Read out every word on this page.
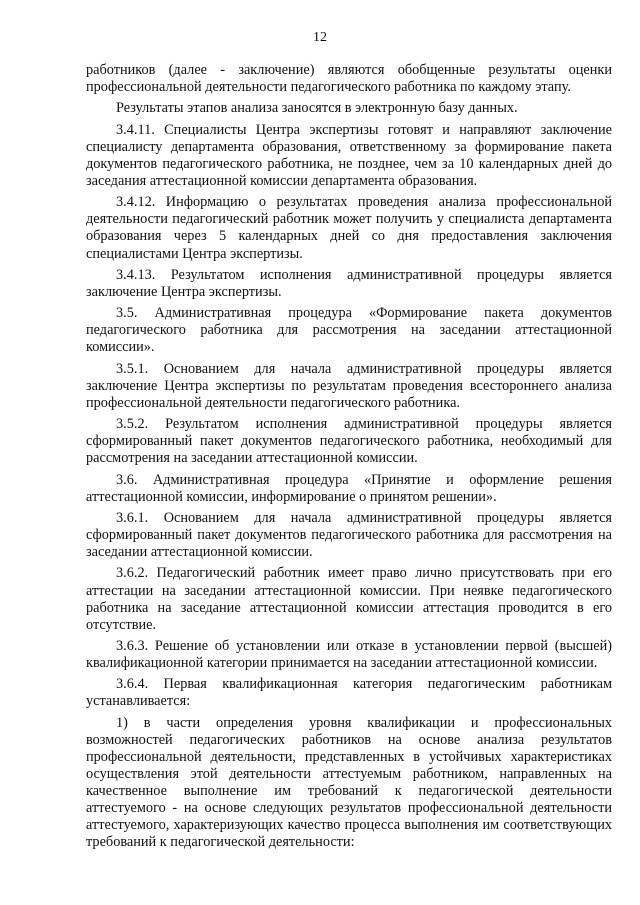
12

работников (далее - заключение) являются обобщенные результаты оценки профессиональной деятельности педагогического работника по каждому этапу.

Результаты этапов анализа заносятся в электронную базу данных.

3.4.11. Специалисты Центра экспертизы готовят и направляют заключение специалисту департамента образования, ответственному за формирование пакета документов педагогического работника, не позднее, чем за 10 календарных дней до заседания аттестационной комиссии департамента образования.

3.4.12. Информацию о результатах проведения анализа профессиональной деятельности педагогический работник может получить у специалиста департамента образования через 5 календарных дней со дня предоставления заключения специалистами Центра экспертизы.

3.4.13. Результатом исполнения административной процедуры является заключение Центра экспертизы.

3.5. Административная процедура «Формирование пакета документов педагогического работника для рассмотрения на заседании аттестационной комиссии».

3.5.1. Основанием для начала административной процедуры является заключение Центра экспертизы по результатам проведения всестороннего анализа профессиональной деятельности педагогического работника.

3.5.2. Результатом исполнения административной процедуры является сформированный пакет документов педагогического работника, необходимый для рассмотрения на заседании аттестационной комиссии.

3.6. Административная процедура «Принятие и оформление решения аттестационной комиссии, информирование о принятом решении».

3.6.1. Основанием для начала административной процедуры является сформированный пакет документов педагогического работника для рассмотрения на заседании аттестационной комиссии.

3.6.2. Педагогический работник имеет право лично присутствовать при его аттестации на заседании аттестационной комиссии. При неявке педагогического работника на заседание аттестационной комиссии аттестация проводится в его отсутствие.

3.6.3. Решение об установлении или отказе в установлении первой (высшей) квалификационной категории принимается на заседании аттестационной комиссии.

3.6.4. Первая квалификационная категория педагогическим работникам устанавливается:

1) в части определения уровня квалификации и профессиональных возможностей педагогических работников на основе анализа результатов профессиональной деятельности, представленных в устойчивых характеристиках осуществления этой деятельности аттестуемым работником, направленных на качественное выполнение им требований к педагогической деятельности аттестуемого - на основе следующих результатов профессиональной деятельности аттестуемого, характеризующих качество процесса выполнения им соответствующих требований к педагогической деятельности:
